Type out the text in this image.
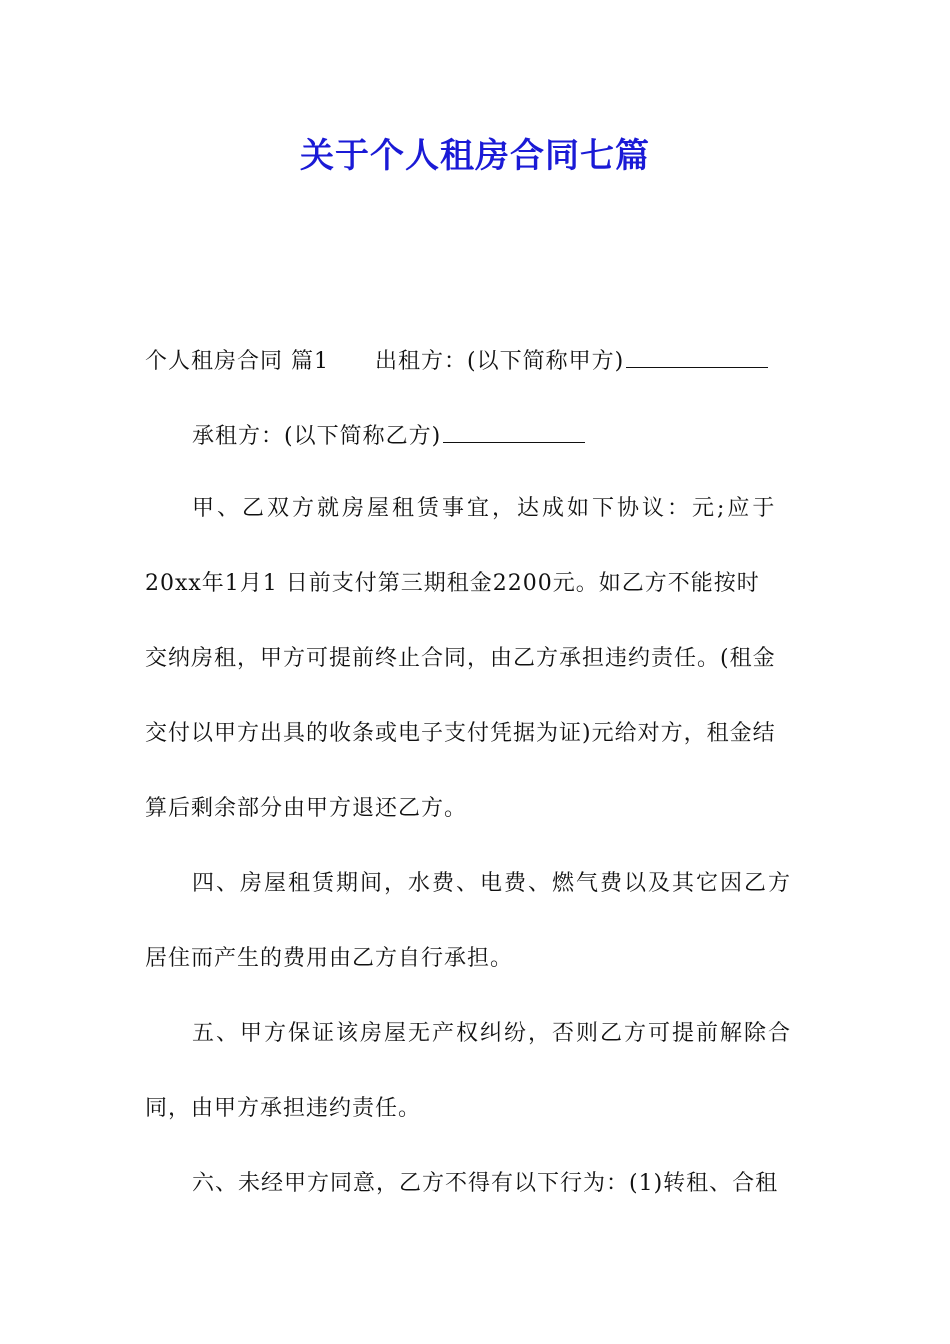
关于个人租房合同七篇
个人租房合同 篇1 出租方：(以下简称甲方)
承租方：(以下简称乙方)
甲、乙双方就房屋租赁事宜，达成如下协议：元;应于
20xx年1月1 日前支付第三期租金2200元。如乙方不能按时
交纳房租，甲方可提前终止合同，由乙方承担违约责任。(租金
交付以甲方出具的收条或电子支付凭据为证)元给对方，租金结
算后剩余部分由甲方退还乙方。
四、房屋租赁期间，水费、电费、燃气费以及其它因乙方
居住而产生的费用由乙方自行承担。
五、甲方保证该房屋无产权纠纷，否则乙方可提前解除合
同，由甲方承担违约责任。
六、未经甲方同意，乙方不得有以下行为：(1)转租、合租
